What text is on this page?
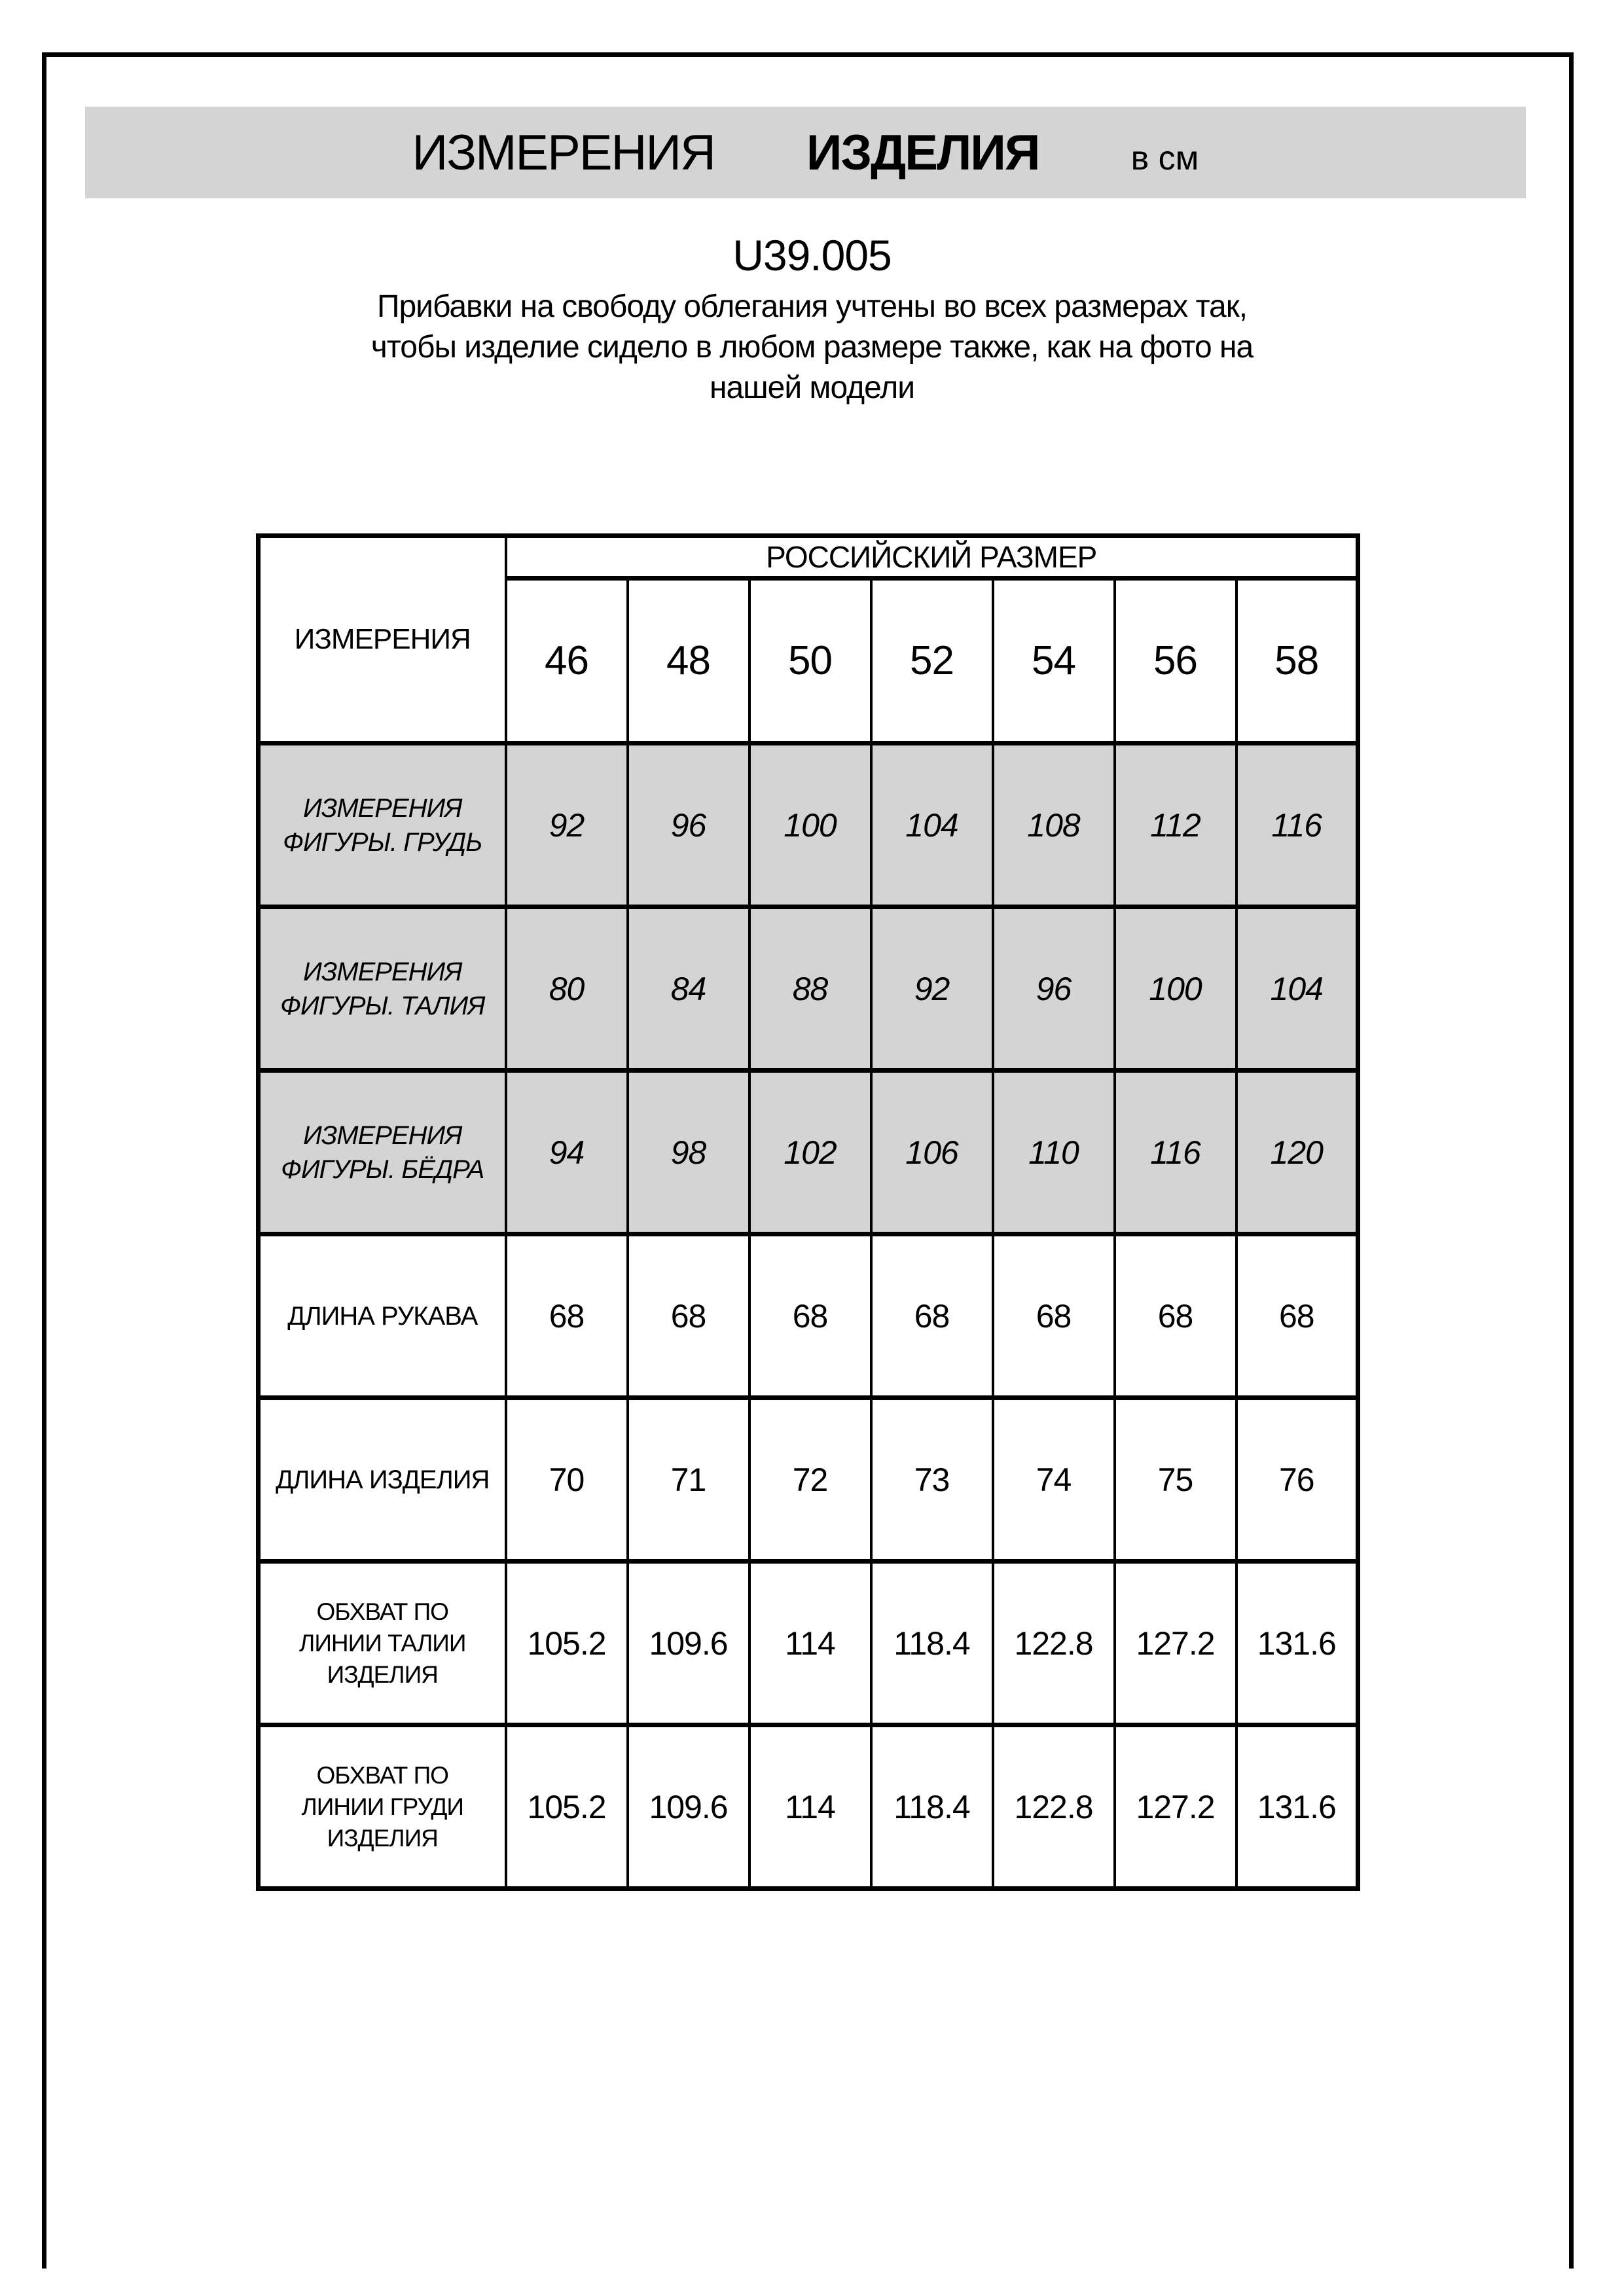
ИЗМЕРЕНИЯ ИЗДЕЛИЯ	в см
U39.005
Прибавки на свободу облегания учтены во всех размерах так,
чтобы изделие сидело в любом размере также, как на фото на
нашей модели
ИЗМЕРЕНИЯ	РОССИЙСКИЙ РАЗМЕР						
	46	48	50	52	54	56	58

ИЗМЕРЕНИЯ
ФИГУРЫ. ГРУДЬ	92	96	100	104	108	112	116

ИЗМЕРЕНИЯ
ФИГУРЫ. ТАЛИЯ	80	84	88	92	96	100	104

ИЗМЕРЕНИЯ
ФИГУРЫ. БЁДРА	94	98	102	106	110	116	120

ДЛИНА РУКАВА	68	68	68	68	68	68	68

ДЛИНА ИЗДЕЛИЯ	70	71	72	73	74	75	76

ОБХВАТ ПО
ЛИНИИ ТАЛИИ
ИЗДЕЛИЯ	105.2	109.6	114	118.4	122.8	127.2	131.6

ОБХВАТ ПО
ЛИНИИ ГРУДИ
ИЗДЕЛИЯ	105.2	109.6	114	118.4	122.8	127.2	131.6
